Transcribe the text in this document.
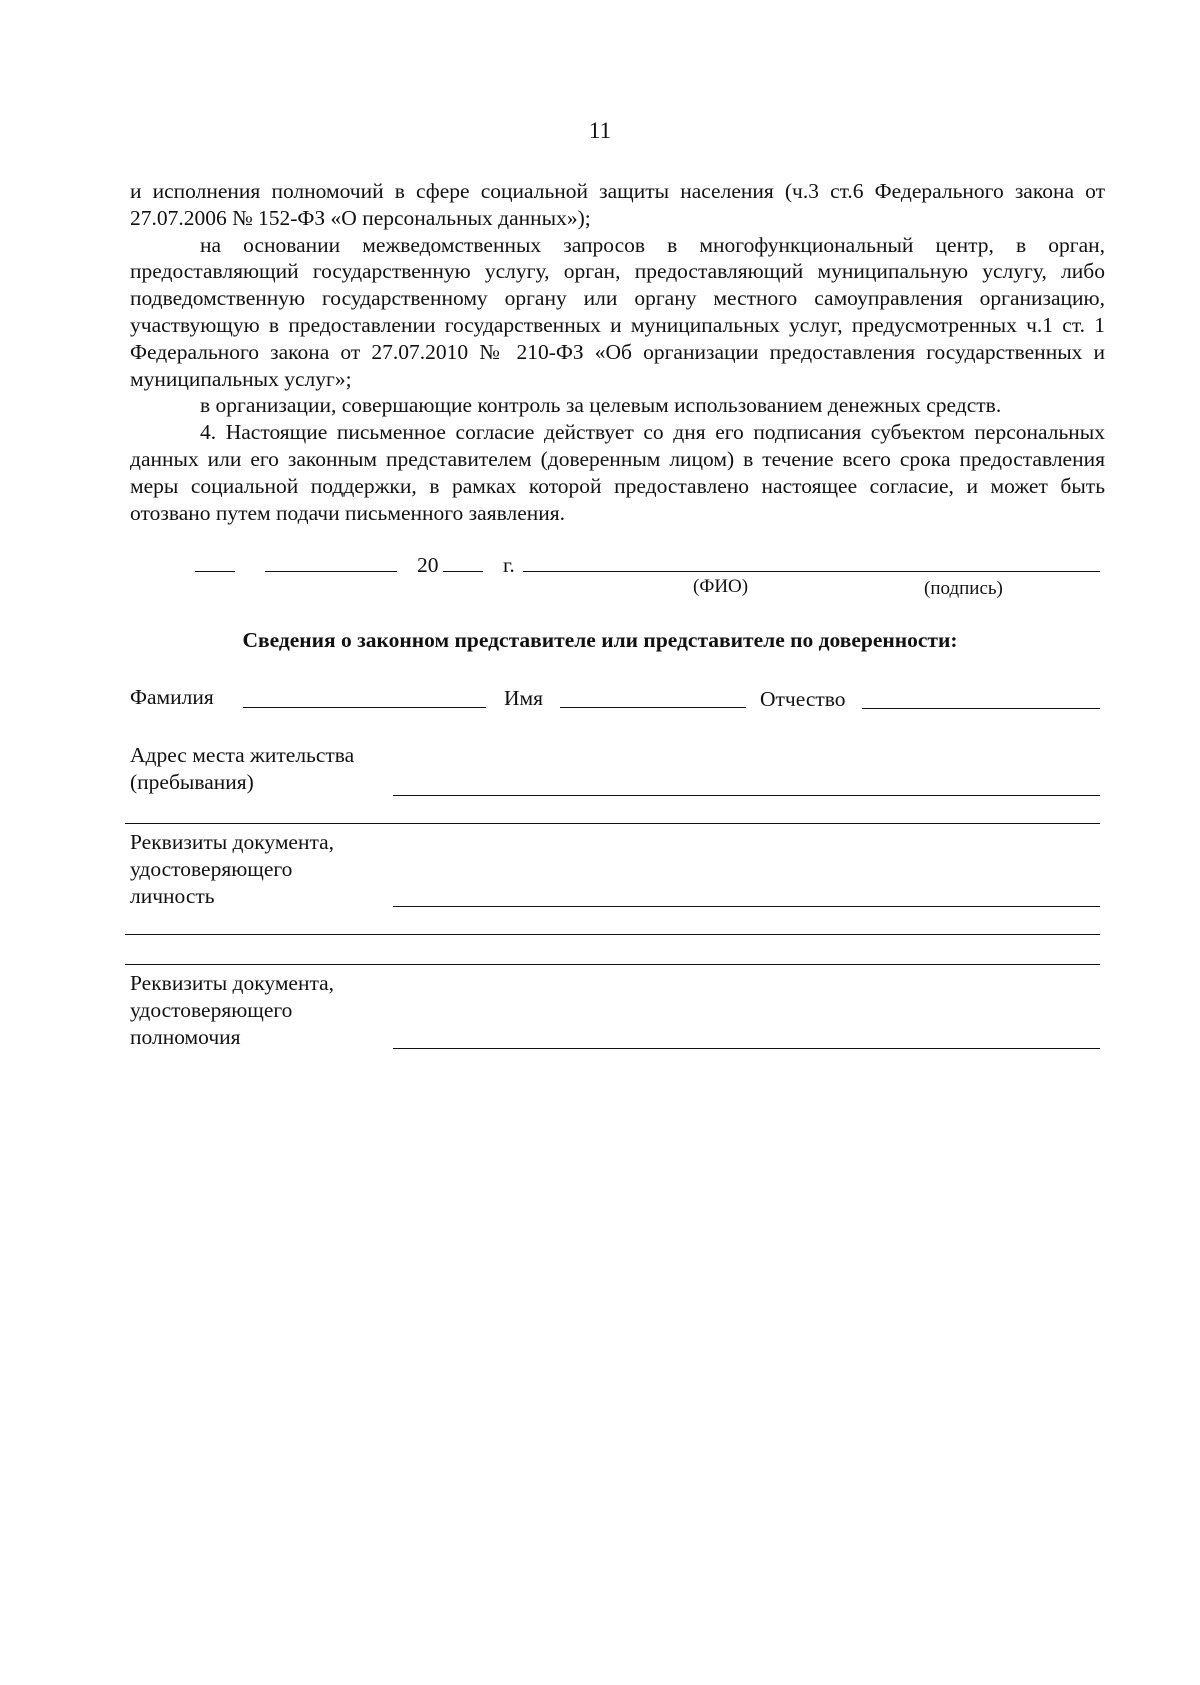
11

и исполнения полномочий в сфере социальной защиты населения (ч.3 ст.6 Федерального закона от 27.07.2006 № 152-ФЗ «О персональных данных»);

на основании межведомственных запросов в многофункциональный центр, в орган, предоставляющий государственную услугу, орган, предоставляющий муниципальную услугу, либо подведомственную государственному органу или органу местного самоуправления организацию, участвующую в предоставлении государственных и муниципальных услуг, предусмотренных ч.1 ст. 1 Федерального закона от 27.07.2010 № 210-ФЗ «Об организации предоставления государственных и муниципальных услуг»;

в организации, совершающие контроль за целевым использованием денежных средств.

4. Настоящие письменное согласие действует со дня его подписания субъектом персональных данных или его законным представителем (доверенным лицом) в течение всего срока предоставления меры социальной поддержки, в рамках которой предоставлено настоящее согласие, и может быть отозвано путем подачи письменного заявления.

20	г.
(ФИО)	(подпись)
Сведения о законном представителе или представителе по доверенности:
Фамилия	Имя	Отчество
Адрес места жительства
(пребывания)
Реквизиты документа,
удостоверяющего
личность
Реквизиты документа,
удостоверяющего
полномочия
